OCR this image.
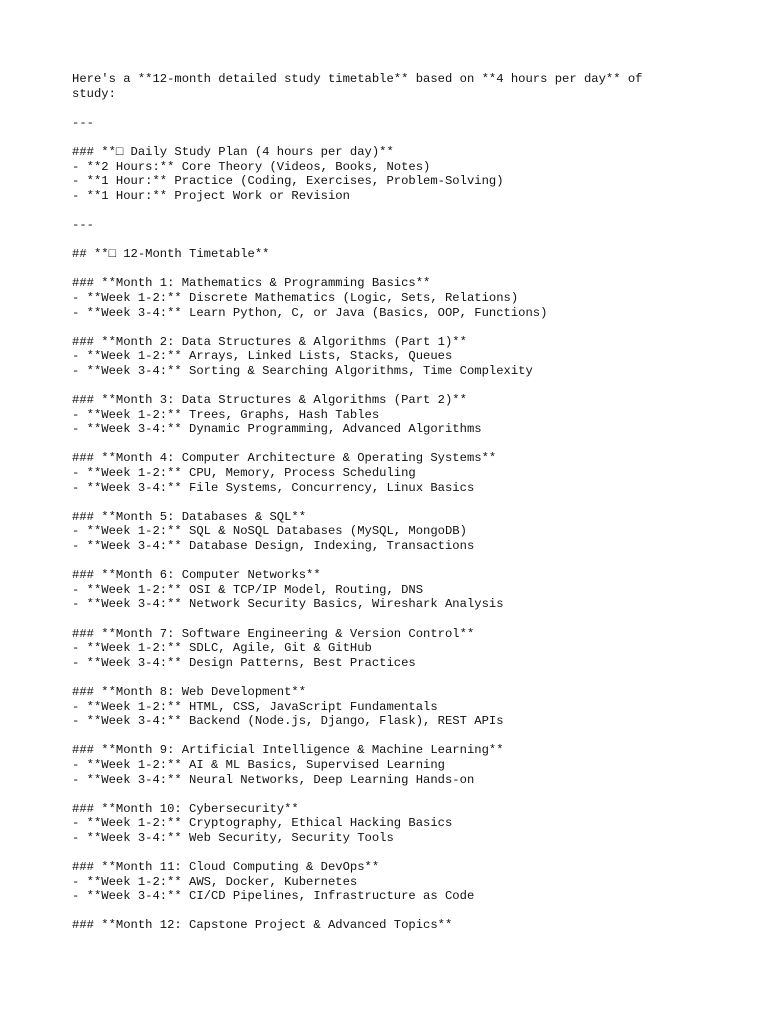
Here's a **12-month detailed study timetable** based on **4 hours per day** of
study:
---
### **□ Daily Study Plan (4 hours per day)**
- **2 Hours:** Core Theory (Videos, Books, Notes)
- **1 Hour:** Practice (Coding, Exercises, Problem-Solving)
- **1 Hour:** Project Work or Revision
---
## **□ 12-Month Timetable**
### **Month 1: Mathematics & Programming Basics**
- **Week 1-2:** Discrete Mathematics (Logic, Sets, Relations)
- **Week 3-4:** Learn Python, C, or Java (Basics, OOP, Functions)
### **Month 2: Data Structures & Algorithms (Part 1)**
- **Week 1-2:** Arrays, Linked Lists, Stacks, Queues
- **Week 3-4:** Sorting & Searching Algorithms, Time Complexity
### **Month 3: Data Structures & Algorithms (Part 2)**
- **Week 1-2:** Trees, Graphs, Hash Tables
- **Week 3-4:** Dynamic Programming, Advanced Algorithms
### **Month 4: Computer Architecture & Operating Systems**
- **Week 1-2:** CPU, Memory, Process Scheduling
- **Week 3-4:** File Systems, Concurrency, Linux Basics
### **Month 5: Databases & SQL**
- **Week 1-2:** SQL & NoSQL Databases (MySQL, MongoDB)
- **Week 3-4:** Database Design, Indexing, Transactions
### **Month 6: Computer Networks**
- **Week 1-2:** OSI & TCP/IP Model, Routing, DNS
- **Week 3-4:** Network Security Basics, Wireshark Analysis
### **Month 7: Software Engineering & Version Control**
- **Week 1-2:** SDLC, Agile, Git & GitHub
- **Week 3-4:** Design Patterns, Best Practices
### **Month 8: Web Development**
- **Week 1-2:** HTML, CSS, JavaScript Fundamentals
- **Week 3-4:** Backend (Node.js, Django, Flask), REST APIs
### **Month 9: Artificial Intelligence & Machine Learning**
- **Week 1-2:** AI & ML Basics, Supervised Learning
- **Week 3-4:** Neural Networks, Deep Learning Hands-on
### **Month 10: Cybersecurity**
- **Week 1-2:** Cryptography, Ethical Hacking Basics
- **Week 3-4:** Web Security, Security Tools
### **Month 11: Cloud Computing & DevOps**
- **Week 1-2:** AWS, Docker, Kubernetes
- **Week 3-4:** CI/CD Pipelines, Infrastructure as Code
### **Month 12: Capstone Project & Advanced Topics**
